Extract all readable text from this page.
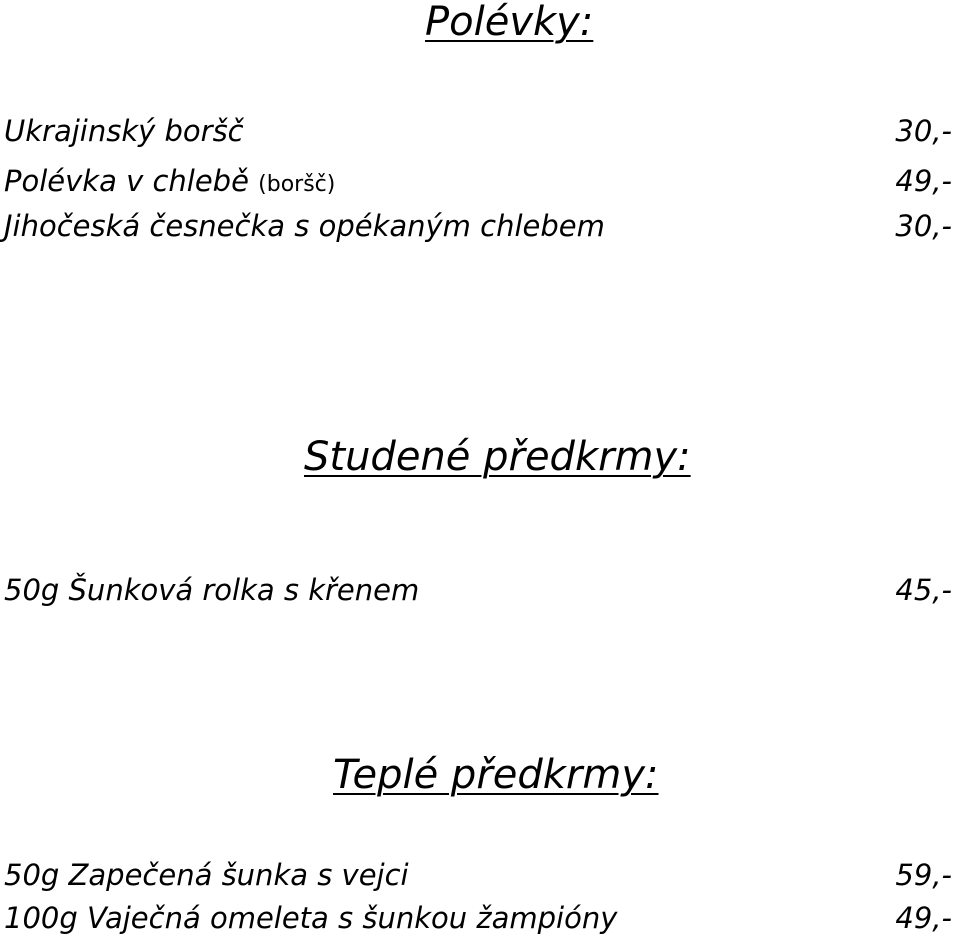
Polévky:
Ukrajinský boršč	30,-
Polévka v chlebě (boršč)	49,-
Jihočeská česnečka s opékaným chlebem	30,-
Studené předkrmy:
50g Šunková rolka s křenem	45,-
Teplé předkrmy:
50g Zapečená šunka s vejci	59,-
100g Vaječná omeleta s šunkou žampióny	49,-
